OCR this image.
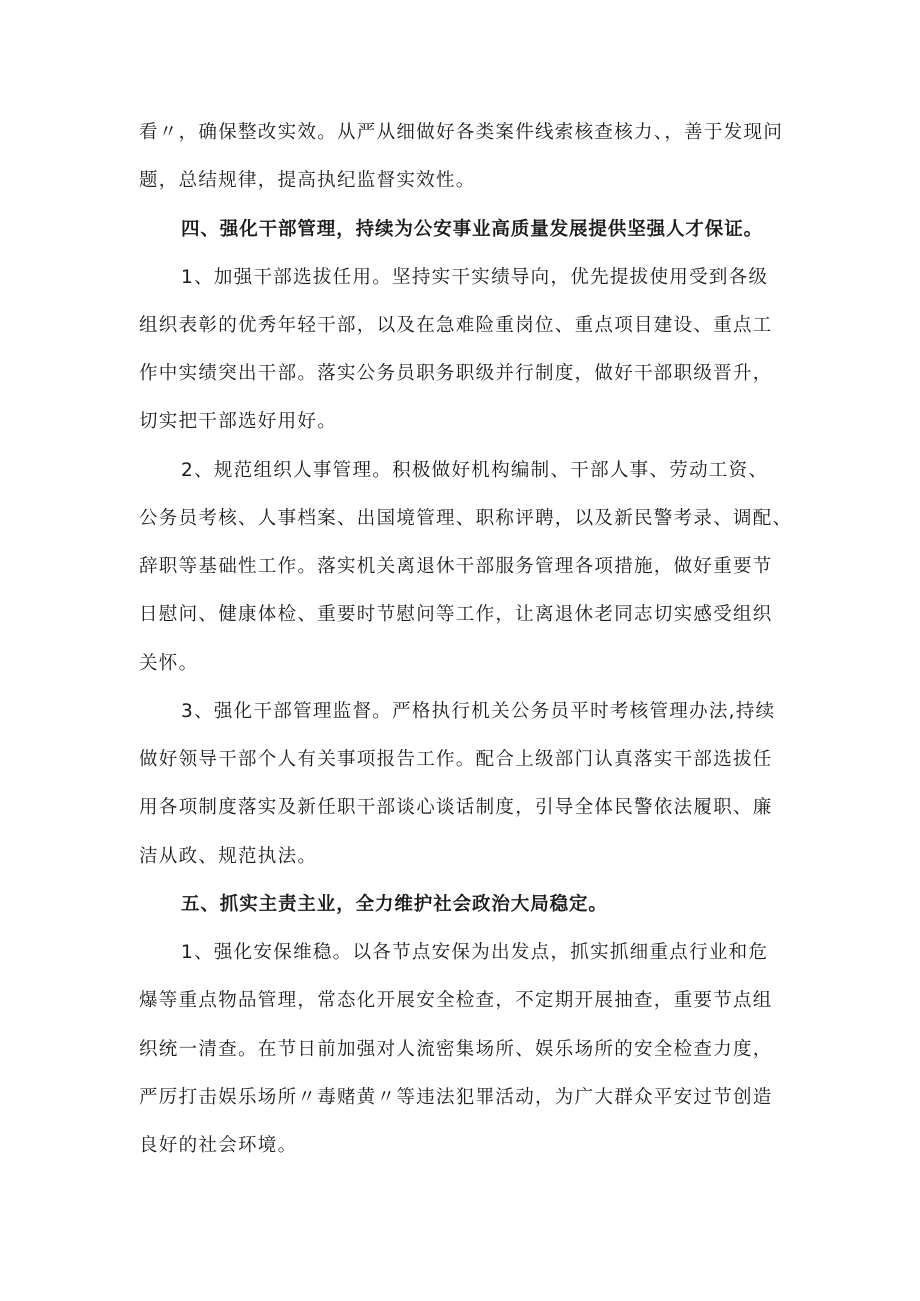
看〃，确保整改实效。从严从细做好各类案件线索核查核力、，善于发现问
题，总结规律，提高执纪监督实效性。
四、强化干部管理，持续为公安事业高质量发展提供坚强人才保证。
1、加强干部选拔任用。坚持实干实绩导向，优先提拔使用受到各级
组织表彰的优秀年轻干部，以及在急难险重岗位、重点项目建设、重点工
作中实绩突出干部。落实公务员职务职级并行制度，做好干部职级晋升，
切实把干部选好用好。
2、规范组织人事管理。积极做好机构编制、干部人事、劳动工资、
公务员考核、人事档案、出国境管理、职称评聘，以及新民警考录、调配、
辞职等基础性工作。落实机关离退休干部服务管理各项措施，做好重要节
日慰问、健康体检、重要时节慰问等工作，让离退休老同志切实感受组织
关怀。
3、强化干部管理监督。严格执行机关公务员平时考核管理办法,持续
做好领导干部个人有关事项报告工作。配合上级部门认真落实干部选拔任
用各项制度落实及新任职干部谈心谈话制度，引导全体民警依法履职、廉
洁从政、规范执法。
五、抓实主责主业，全力维护社会政治大局稳定。
1、强化安保维稳。以各节点安保为出发点，抓实抓细重点行业和危
爆等重点物品管理，常态化开展安全检查，不定期开展抽查，重要节点组
织统一清查。在节日前加强对人流密集场所、娱乐场所的安全检查力度，
严厉打击娱乐场所〃毒赌黄〃等违法犯罪活动，为广大群众平安过节创造
良好的社会环境。
